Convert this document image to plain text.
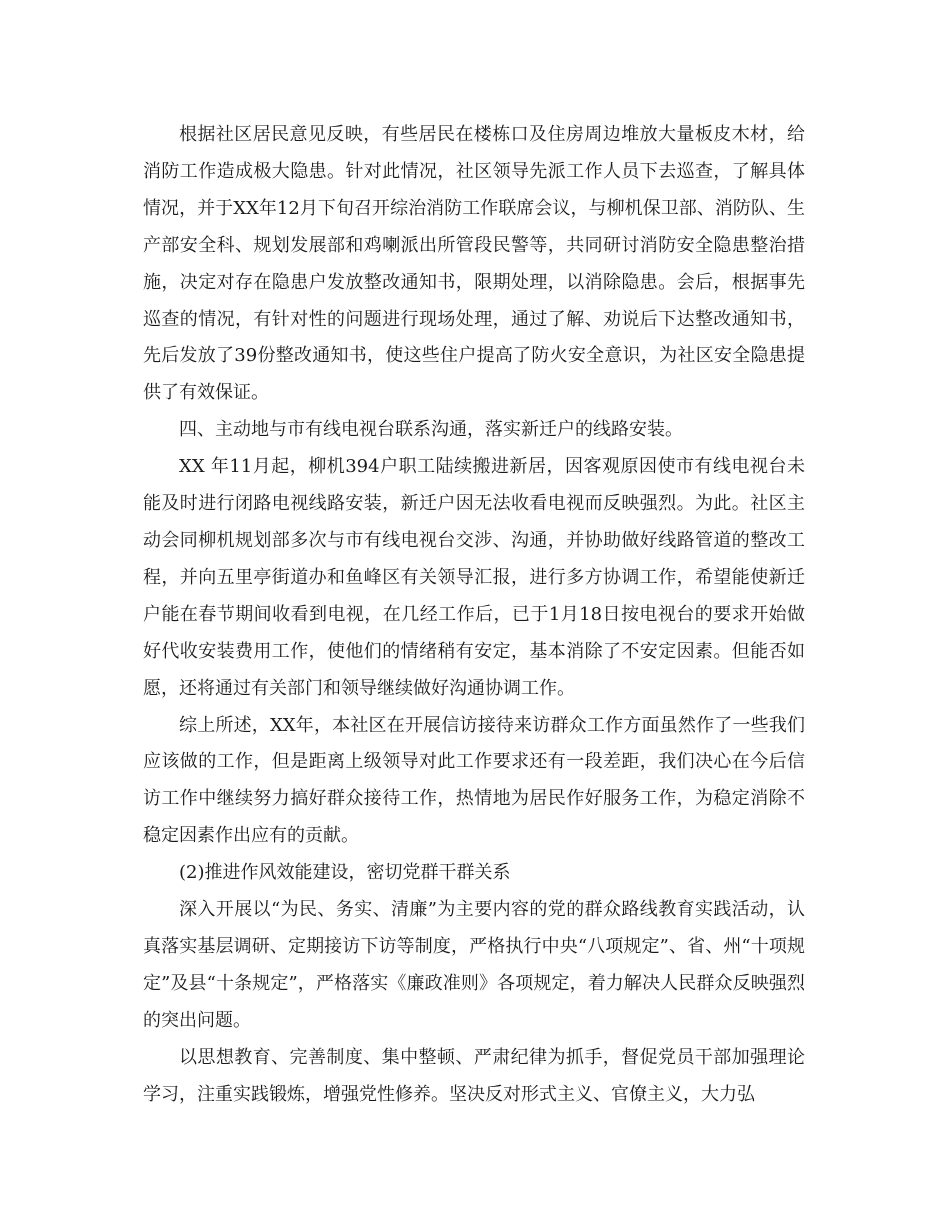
根据社区居民意见反映，有些居民在楼栋口及住房周边堆放大量板皮木材，给消防工作造成极大隐患。针对此情况，社区领导先派工作人员下去巡查，了解具体情况，并于XX年12月下旬召开综治消防工作联席会议，与柳机保卫部、消防队、生产部安全科、规划发展部和鸡喇派出所管段民警等，共同研讨消防安全隐患整治措施，决定对存在隐患户发放整改通知书，限期处理，以消除隐患。会后，根据事先巡查的情况，有针对性的问题进行现场处理，通过了解、劝说后下达整改通知书，先后发放了39份整改通知书，使这些住户提高了防火安全意识，为社区安全隐患提供了有效保证。

四、主动地与市有线电视台联系沟通，落实新迁户的线路安装。

XX 年11月起，柳机394户职工陆续搬进新居，因客观原因使市有线电视台未能及时进行闭路电视线路安装，新迁户因无法收看电视而反映强烈。为此。社区主动会同柳机规划部多次与市有线电视台交涉、沟通，并协助做好线路管道的整改工程，并向五里亭街道办和鱼峰区有关领导汇报，进行多方协调工作，希望能使新迁户能在春节期间收看到电视，在几经工作后，已于1月18日按电视台的要求开始做好代收安装费用工作，使他们的情绪稍有安定，基本消除了不安定因素。但能否如愿，还将通过有关部门和领导继续做好沟通协调工作。

综上所述，XX年，本社区在开展信访接待来访群众工作方面虽然作了一些我们应该做的工作，但是距离上级领导对此工作要求还有一段差距，我们决心在今后信访工作中继续努力搞好群众接待工作，热情地为居民作好服务工作，为稳定消除不稳定因素作出应有的贡献。

(2)推进作风效能建设，密切党群干群关系

深入开展以“为民、务实、清廉”为主要内容的党的群众路线教育实践活动，认真落实基层调研、定期接访下访等制度，严格执行中央“八项规定”、省、州“十项规定”及县“十条规定”，严格落实《廉政准则》各项规定，着力解决人民群众反映强烈的突出问题。

以思想教育、完善制度、集中整顿、严肃纪律为抓手，督促党员干部加强理论学习，注重实践锻炼，增强党性修养。坚决反对形式主义、官僚主义，大力弘
